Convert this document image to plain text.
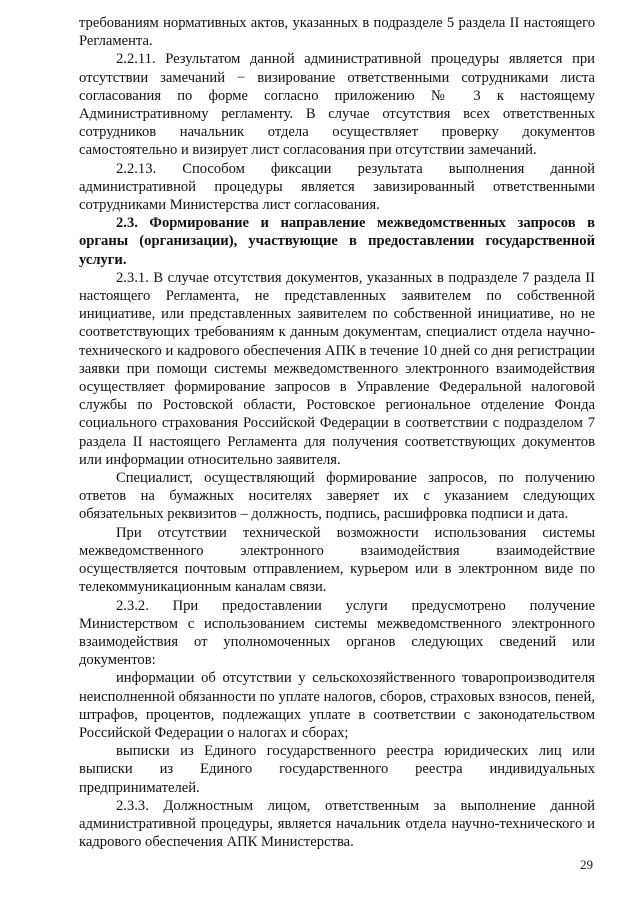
требованиям нормативных актов, указанных в подразделе 5 раздела II настоящего Регламента.

2.2.11. Результатом данной административной процедуры является при отсутствии замечаний − визирование ответственными сотрудниками листа согласования по форме согласно приложению № 3 к настоящему Административному регламенту. В случае отсутствия всех ответственных сотрудников начальник отдела осуществляет проверку документов самостоятельно и визирует лист согласования при отсутствии замечаний.

2.2.13. Способом фиксации результата выполнения данной административной процедуры является завизированный ответственными сотрудниками Министерства лист согласования.

2.3. Формирование и направление межведомственных запросов в органы (организации), участвующие в предоставлении государственной услуги.

2.3.1. В случае отсутствия документов, указанных в подразделе 7 раздела II настоящего Регламента, не представленных заявителем по собственной инициативе, или представленных заявителем по собственной инициативе, но не соответствующих требованиям к данным документам, специалист отдела научно-технического и кадрового обеспечения АПК в течение 10 дней со дня регистрации заявки при помощи системы межведомственного электронного взаимодействия осуществляет формирование запросов в Управление Федеральной налоговой службы по Ростовской области, Ростовское региональное отделение Фонда социального страхования Российской Федерации в соответствии с подразделом 7 раздела II настоящего Регламента для получения соответствующих документов или информации относительно заявителя.

Специалист, осуществляющий формирование запросов, по получению ответов на бумажных носителях заверяет их с указанием следующих обязательных реквизитов – должность, подпись, расшифровка подписи и дата.

При отсутствии технической возможности использования системы межведомственного электронного взаимодействия взаимодействие осуществляется почтовым отправлением, курьером или в электронном виде по телекоммуникационным каналам связи.

2.3.2. При предоставлении услуги предусмотрено получение Министерством с использованием системы межведомственного электронного взаимодействия от уполномоченных органов следующих сведений или документов:

информации об отсутствии у сельскохозяйственного товаропроизводителя неисполненной обязанности по уплате налогов, сборов, страховых взносов, пеней, штрафов, процентов, подлежащих уплате в соответствии с законодательством Российской Федерации о налогах и сборах;

выписки из Единого государственного реестра юридических лиц или выписки из Единого государственного реестра индивидуальных предпринимателей.

2.3.3. Должностным лицом, ответственным за выполнение данной административной процедуры, является начальник отдела научно-технического и кадрового обеспечения АПК Министерства.

29
